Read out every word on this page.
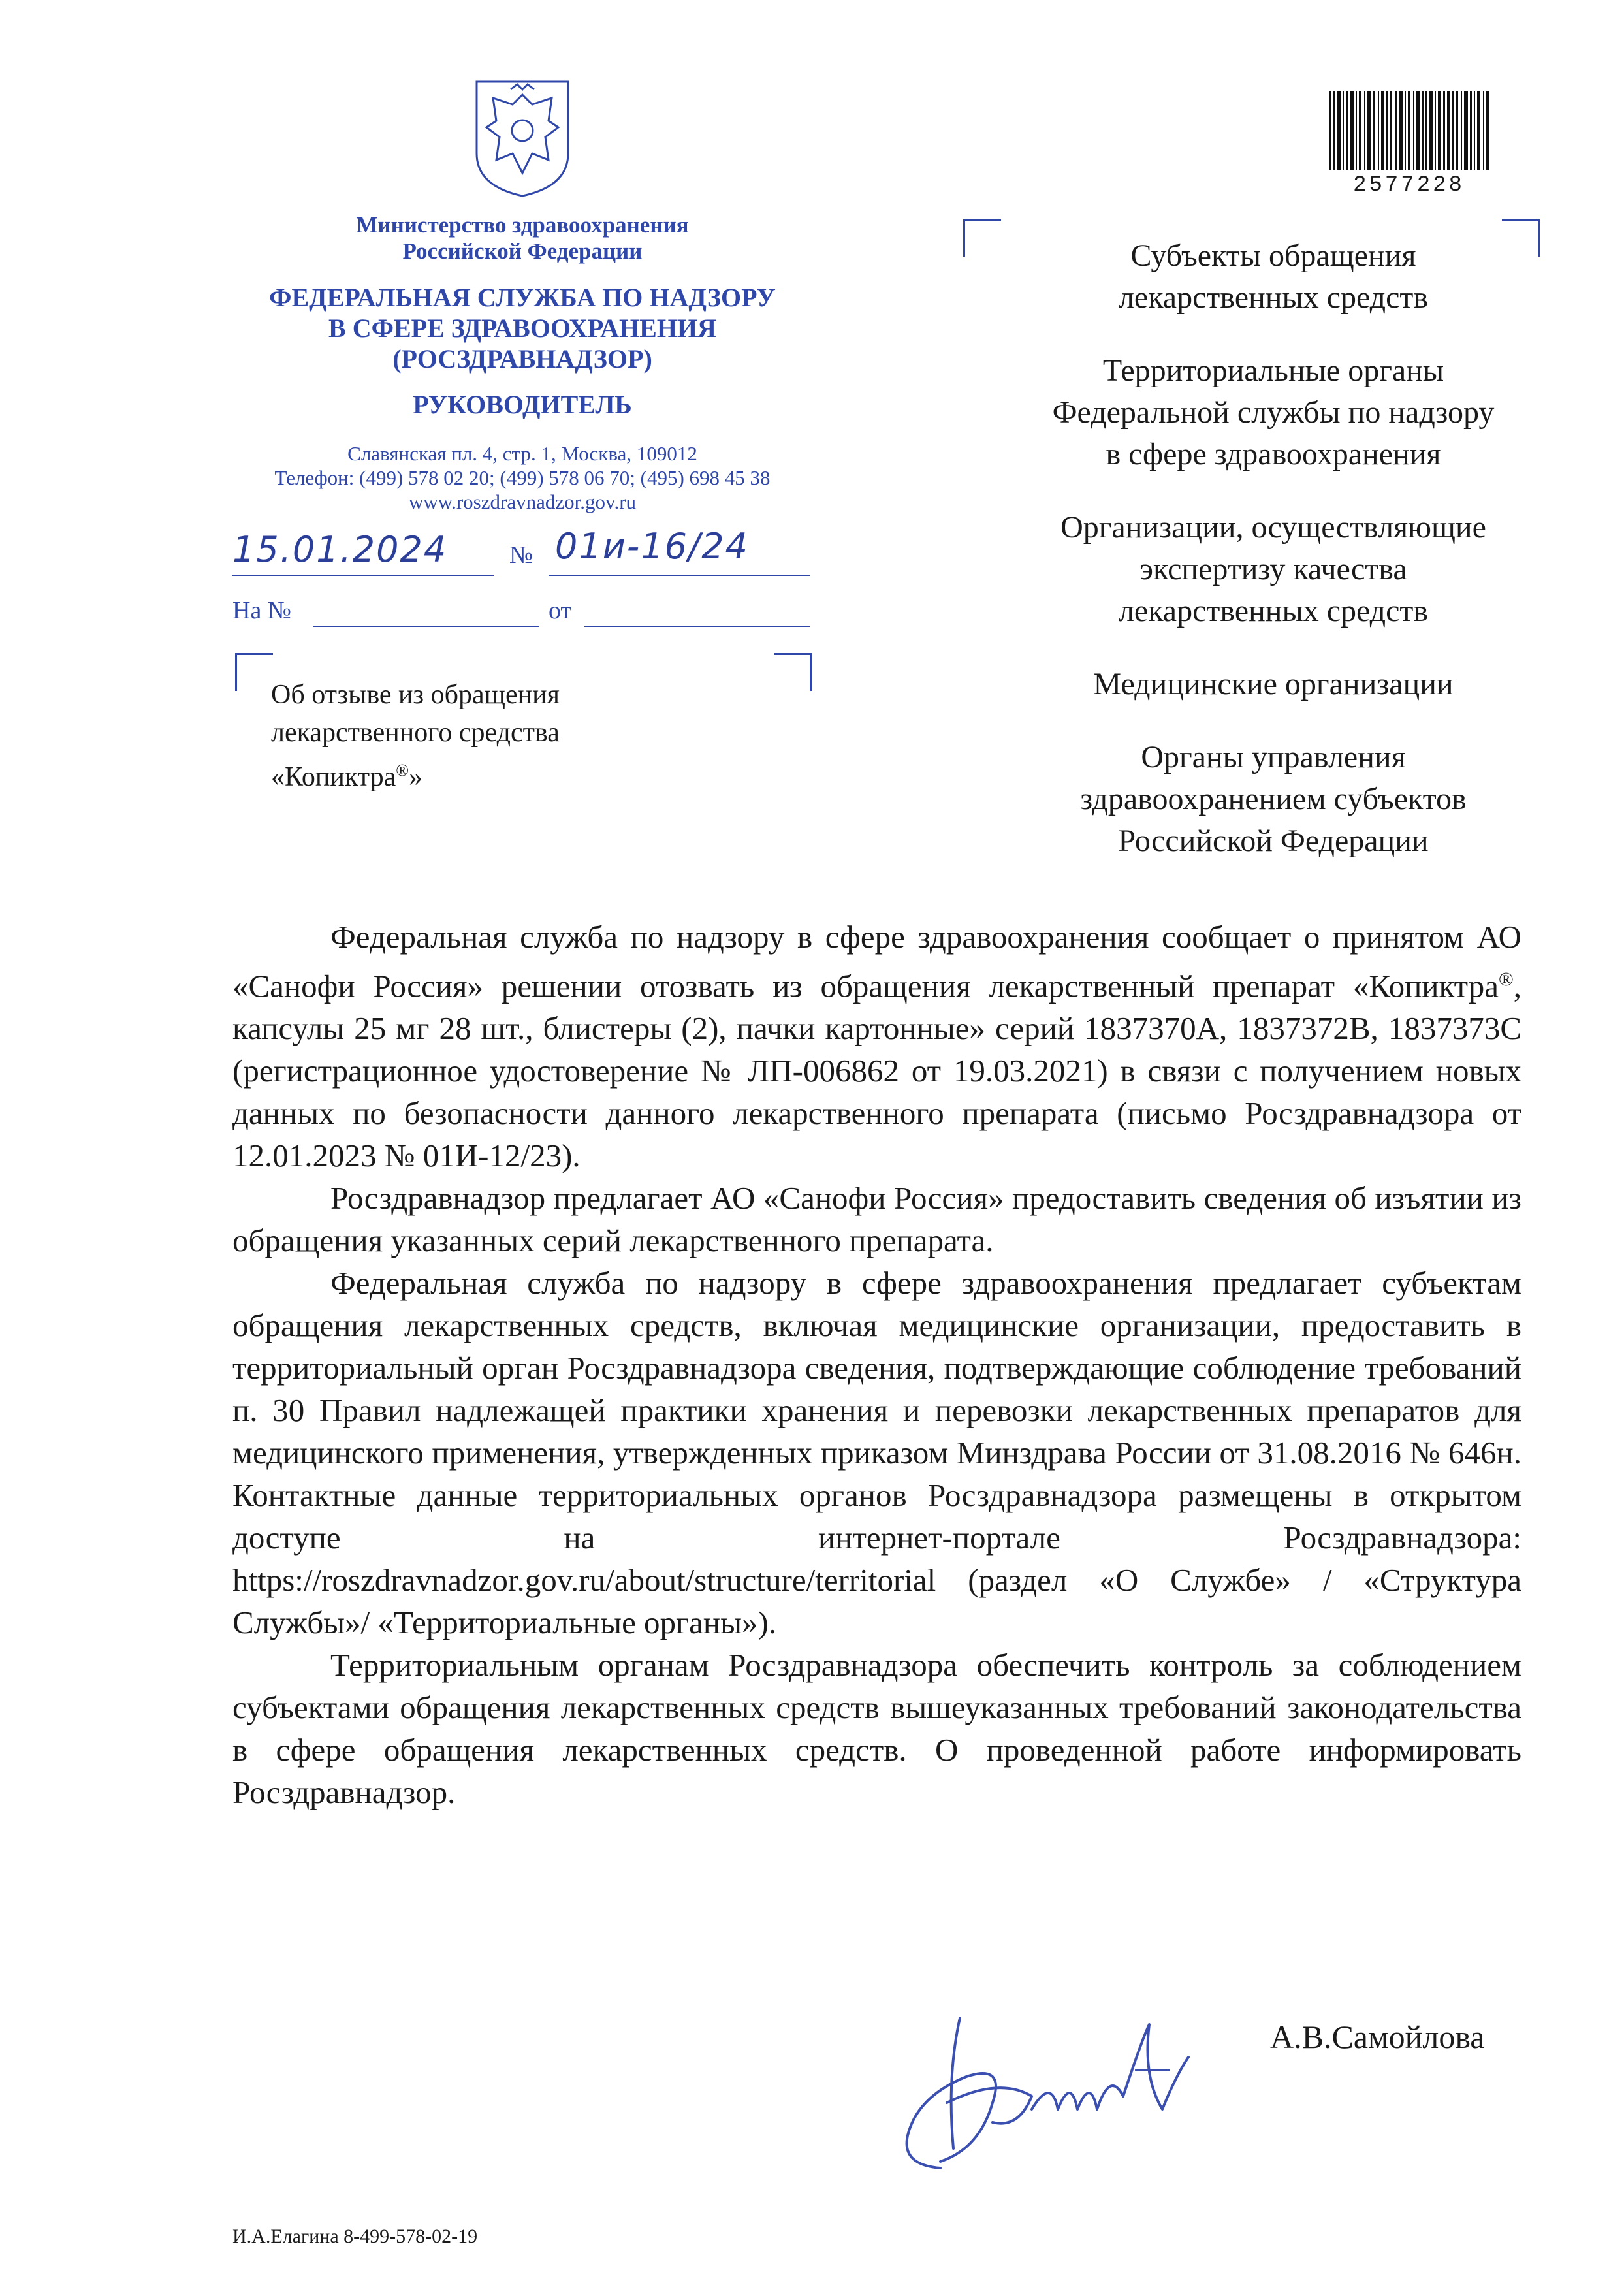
Министерство здравоохранения
Российской Федерации
ФЕДЕРАЛЬНАЯ СЛУЖБА ПО НАДЗОРУ
В СФЕРЕ ЗДРАВООХРАНЕНИЯ
(РОСЗДРАВНАДЗОР)
РУКОВОДИТЕЛЬ
Славянская пл. 4, стр. 1, Москва, 109012
Телефон: (499) 578 02 20; (499) 578 06 70; (495) 698 45 38
www.roszdravnadzor.gov.ru
15.01.2024 № 01и-16/24
На №	от
Об отзыве из обращения
лекарственного средства
«Копиктра®»
Субъекты обращения
лекарственных средств
Территориальные органы
Федеральной службы по надзору
в сфере здравоохранения
Организации, осуществляющие
экспертизу качества
лекарственных средств
Медицинские организации
Органы управления
здравоохранением субъектов
Российской Федерации
2577228

Федеральная служба по надзору в сфере здравоохранения сообщает о принятом АО «Санофи Россия» решении отозвать из обращения лекарственный препарат «Копиктра®, капсулы 25 мг 28 шт., блистеры (2), пачки картонные» серий 1837370А, 1837372В, 1837373С (регистрационное удостоверение № ЛП-006862 от 19.03.2021) в связи с получением новых данных по безопасности данного лекарственного препарата (письмо Росздравнадзора от 12.01.2023 № 01И-12/23).

Росздравнадзор предлагает АО «Санофи Россия» предоставить сведения об изъятии из обращения указанных серий лекарственного препарата.

Федеральная служба по надзору в сфере здравоохранения предлагает субъектам обращения лекарственных средств, включая медицинские организации, предоставить в территориальный орган Росздравнадзора сведения, подтверждающие соблюдение требований п. 30 Правил надлежащей практики хранения и перевозки лекарственных препаратов для медицинского применения, утвержденных приказом Минздрава России от 31.08.2016 № 646н. Контактные данные территориальных органов Росздравнадзора размещены в открытом доступе на интернет-портале Росздравнадзора: https://roszdravnadzor.gov.ru/about/structure/territorial (раздел «О Службе» / «Структура Службы»/ «Территориальные органы»).

Территориальным органам Росздравнадзора обеспечить контроль за соблюдением субъектами обращения лекарственных средств вышеуказанных требований законодательства в сфере обращения лекарственных средств. О проведенной работе информировать Росздравнадзор.

А.В.Самойлова
И.А.Елагина 8-499-578-02-19
